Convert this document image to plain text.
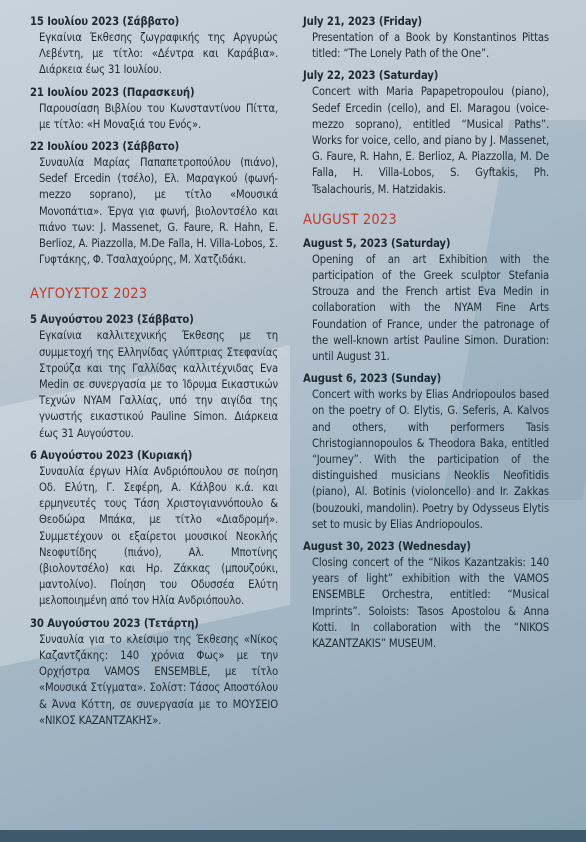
15 Ιουλίου 2023 (Σάββατο)
Εγκαίνια Έκθεσης ζωγραφικής της Αργυρώς Λεβέντη, με τίτλο: «Δέντρα και Καράβια». Διάρκεια έως 31 Ιουλίου.
21 Ιουλίου 2023 (Παρασκευή)
Παρουσίαση Βιβλίου του Κωνσταντίνου Πίττα, με τίτλο: «Η Μοναξιά του Ενός».
22 Ιουλίου 2023 (Σάββατο)
Συναυλία Μαρίας Παπαπετροπούλου (πιάνο), Sedef Ercedin (τσέλο), Ελ. Μαραγκού (φωνή-mezzo soprano), με τίτλο «Μουσικά Μονοπάτια». Έργα για φωνή, βιολοντσέλο και πιάνο των: J. Massenet, G. Faure, R. Hahn, E. Berlioz, A. Piazzolla, M.De Falla, H. Villa-Lobos, Σ. Γυφτάκης, Φ. Τσαλαχούρης, Μ. Χατζιδάκι.
ΑΥΓΟΥΣΤΟΣ 2023
5 Αυγούστου 2023 (Σάββατο)
Εγκαίνια καλλιτεχνικής Έκθεσης με τη συμμετοχή της Ελληνίδας γλύπτριας Στεφανίας Στρούζα και της Γαλλίδας καλλιτέχνιδας Eva Medin σε συνεργασία με το Ίδρυμα Εικαστικών Τεχνών NYAM Γαλλίας, υπό την αιγίδα της γνωστής εικαστικού Pauline Simon. Διάρκεια έως 31 Αυγούστου.
6 Αυγούστου 2023 (Κυριακή)
Συναυλία έργων Ηλία Ανδριόπουλου σε ποίηση Οδ. Ελύτη, Γ. Σεφέρη, Α. Κάλβου κ.ά. και ερμηνευτές τους Τάση Χριστογιαννόπουλο & Θεοδώρα Μπάκα, με τίτλο «Διαδρομή». Συμμετέχουν οι εξαίρετοι μουσικοί Νεοκλής Νεοφυτίδης (πιάνο), Αλ. Μποτίνης (βιολοντσέλο) και Ηρ. Ζάκκας (μπουζούκι, μαντολίνο). Ποίηση του Οδυσσέα Ελύτη μελοποιημένη από τον Ηλία Ανδριόπουλο.
30 Αυγούστου 2023 (Τετάρτη)
Συναυλία για το κλείσιμο της Έκθεσης «Νίκος Καζαντζάκης: 140 χρόνια Φως» με την Ορχήστρα VAMOS ENSEMBLE, με τίτλο «Μουσικά Στίγματα». Σολίστ: Τάσος Αποστόλου & Άννα Κόττη, σε συνεργασία με το ΜΟΥΣΕΙΟ «ΝΙΚΟΣ ΚΑΖΑΝΤΖΑΚΗΣ».
July 21, 2023 (Friday)
Presentation of a Book by Konstantinos Pittas titled: “The Lonely Path of the One”.
July 22, 2023 (Saturday)
Concert with Maria Papapetropoulou (piano), Sedef Ercedin (cello), and El. Maragou (voice-mezzo soprano), entitled “Musical Paths”. Works for voice, cello, and piano by J. Massenet, G. Faure, R. Hahn, E. Berlioz, A. Piazzolla, M. De Falla, H. Villa-Lobos, S. Gyftakis, Ph. Tsalachouris, M. Hatzidakis.
AUGUST 2023
August 5, 2023 (Saturday)
Opening of an art Exhibition with the participation of the Greek sculptor Stefania Strouza and the French artist Eva Medin in collaboration with the NYAM Fine Arts Foundation of France, under the patronage of the well-known artist Pauline Simon. Duration: until August 31.
August 6, 2023 (Sunday)
Concert with works by Elias Andriopoulos based on the poetry of O. Elytis, G. Seferis, A. Kalvos and others, with performers Tasis Christogiannopoulos & Theodora Baka, entitled “Journey”. With the participation of the distinguished musicians Neoklis Neofitidis (piano), Al. Botinis (violoncello) and Ir. Zakkas (bouzouki, mandolin). Poetry by Odysseus Elytis set to music by Elias Andriopoulos.
August 30, 2023 (Wednesday)
Closing concert of the “Nikos Kazantzakis: 140 years of light” exhibition with the VAMOS ENSEMBLE Orchestra, entitled: “Musical Imprints”. Soloists: Tasos Apostolou & Anna Kotti. In collaboration with the “NIKOS KAZANTZAKIS” MUSEUM.
